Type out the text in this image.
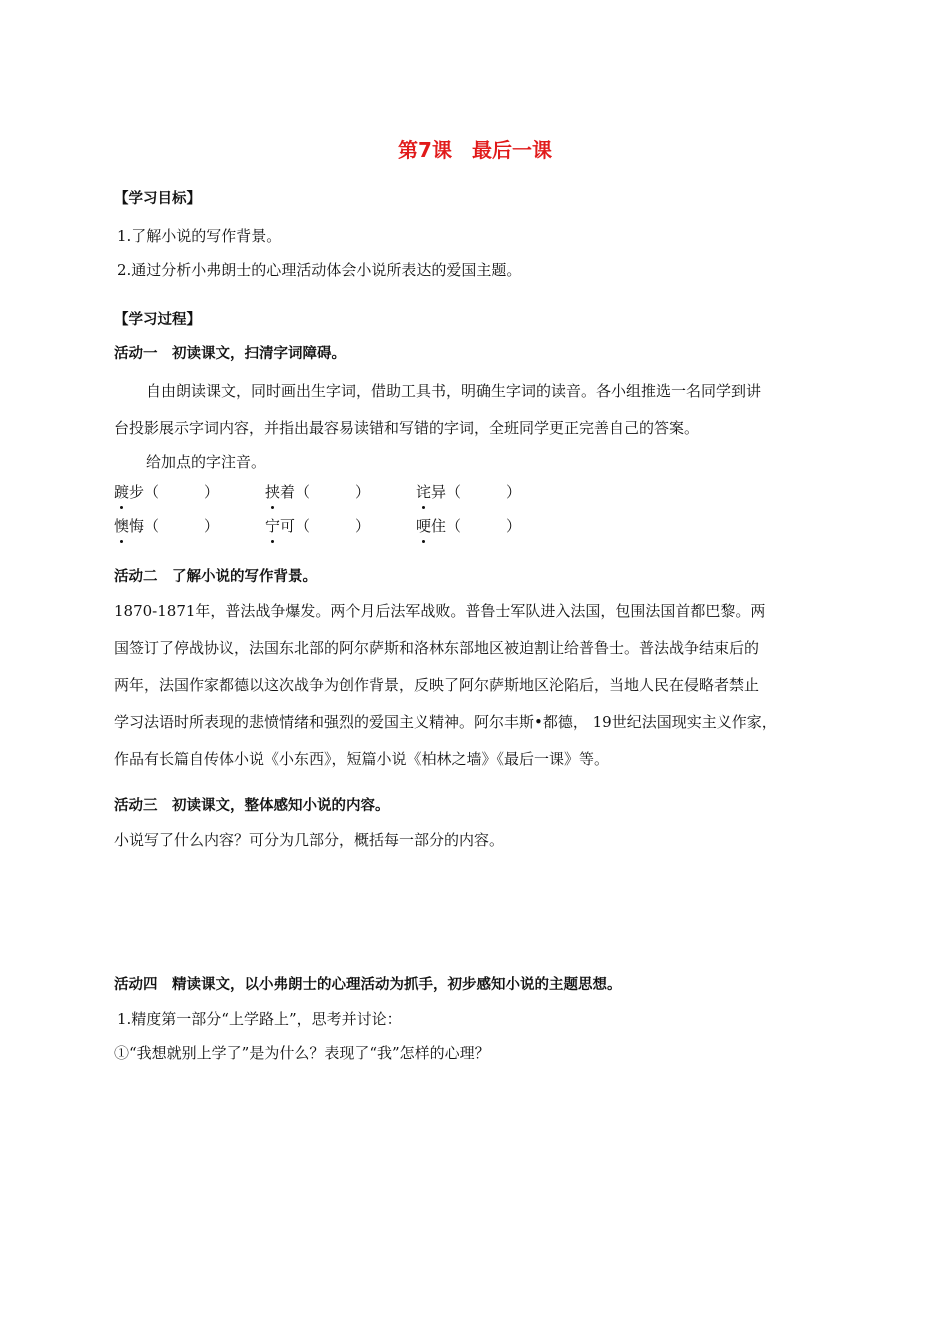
第7课　最后一课
【学习目标】
1.了解小说的写作背景。
2.通过分析小弗朗士的心理活动体会小说所表达的爱国主题。
【学习过程】
活动一　初读课文，扫清字词障碍。
自由朗读课文，同时画出生字词，借助工具书，明确生字词的读音。各小组推选一名同学到讲
台投影展示字词内容，并指出最容易读错和写错的字词，全班同学更正完善自己的答案。
给加点的字注音。
踱步（　　　）	挟着（　　　）	诧异（　　　）
懊悔（　　　）	宁可（　　　）	哽住（　　　）
活动二　了解小说的写作背景。
1870-1871年，普法战争爆发。两个月后法军战败。普鲁士军队进入法国，包围法国首都巴黎。两
国签订了停战协议，法国东北部的阿尔萨斯和洛林东部地区被迫割让给普鲁士。普法战争结束后的
两年，法国作家都德以这次战争为创作背景，反映了阿尔萨斯地区沦陷后，当地人民在侵略者禁止
学习法语时所表现的悲愤情绪和强烈的爱国主义精神。阿尔丰斯•都德， 19世纪法国现实主义作家，
作品有长篇自传体小说《小东西》，短篇小说《柏林之墙》《最后一课》等。
活动三　初读课文，整体感知小说的内容。
小说写了什么内容？可分为几部分，概括每一部分的内容。
活动四　精读课文，以小弗朗士的心理活动为抓手，初步感知小说的主题思想。
1.精度第一部分“上学路上”，思考并讨论：
①“我想就别上学了”是为什么？表现了“我”怎样的心理？
